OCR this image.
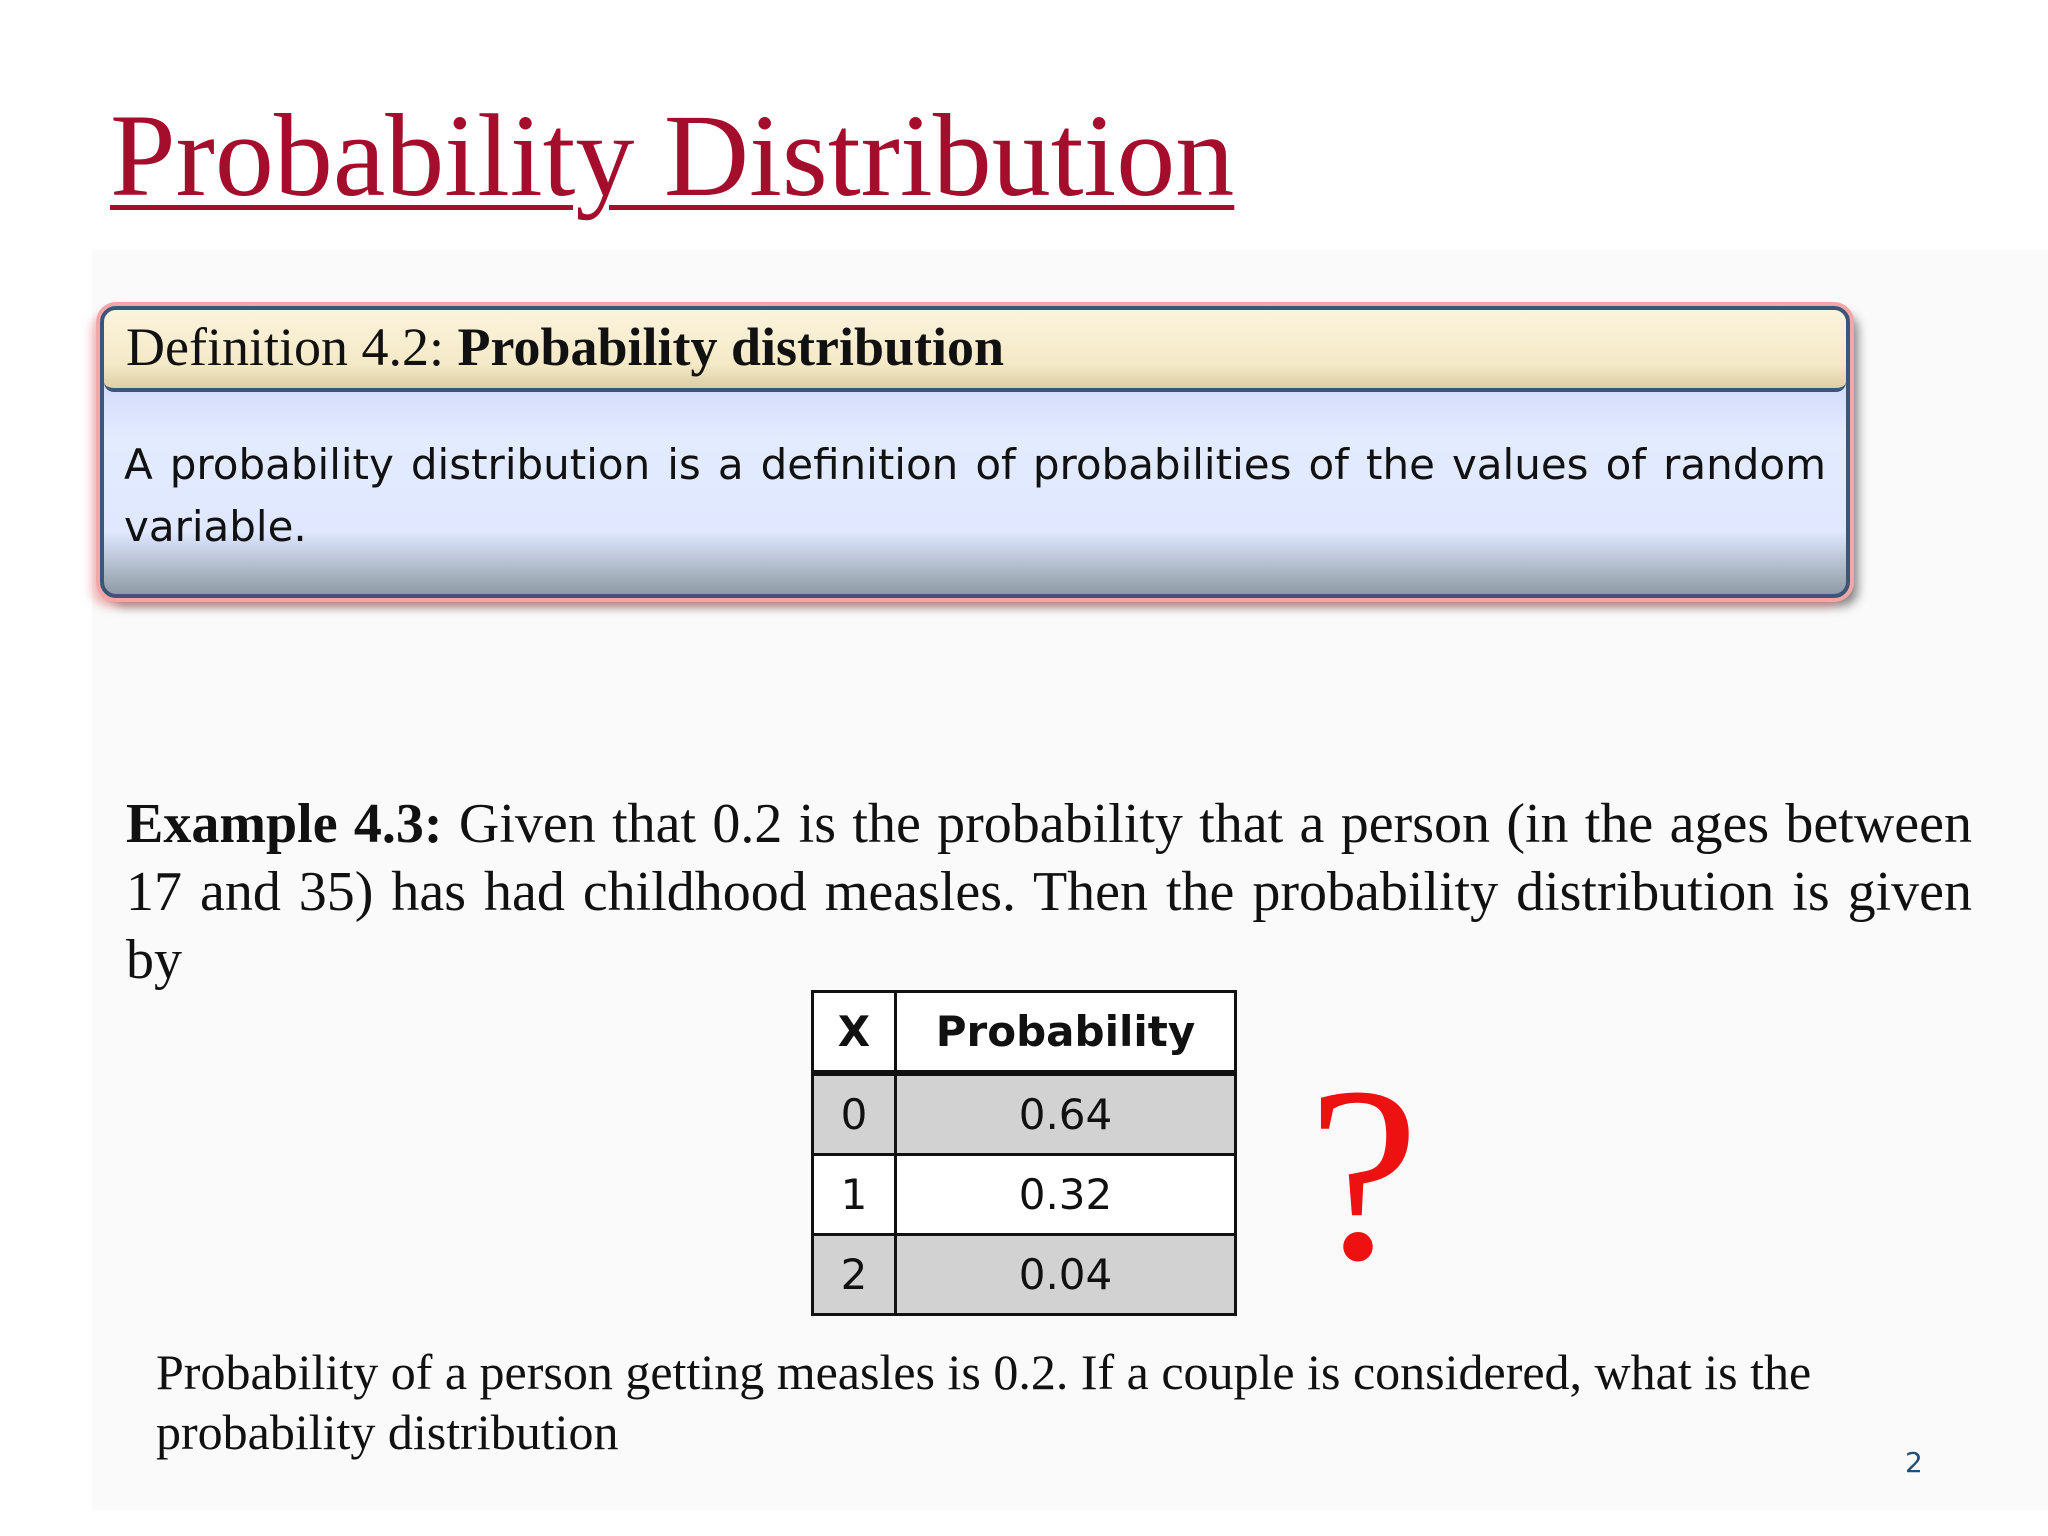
Probability Distribution
Definition 4.2: Probability distribution
A probability distribution is a definition of probabilities of the values of random variable.
Example 4.3: Given that 0.2 is the probability that a person (in the ages between 17 and 35) has had childhood measles. Then the probability distribution is given by
X	Probability
0	0.64
1	0.32
2	0.04 ?
Probability of a person getting measles is 0.2. If a couple is considered, what is the probability distribution
2
